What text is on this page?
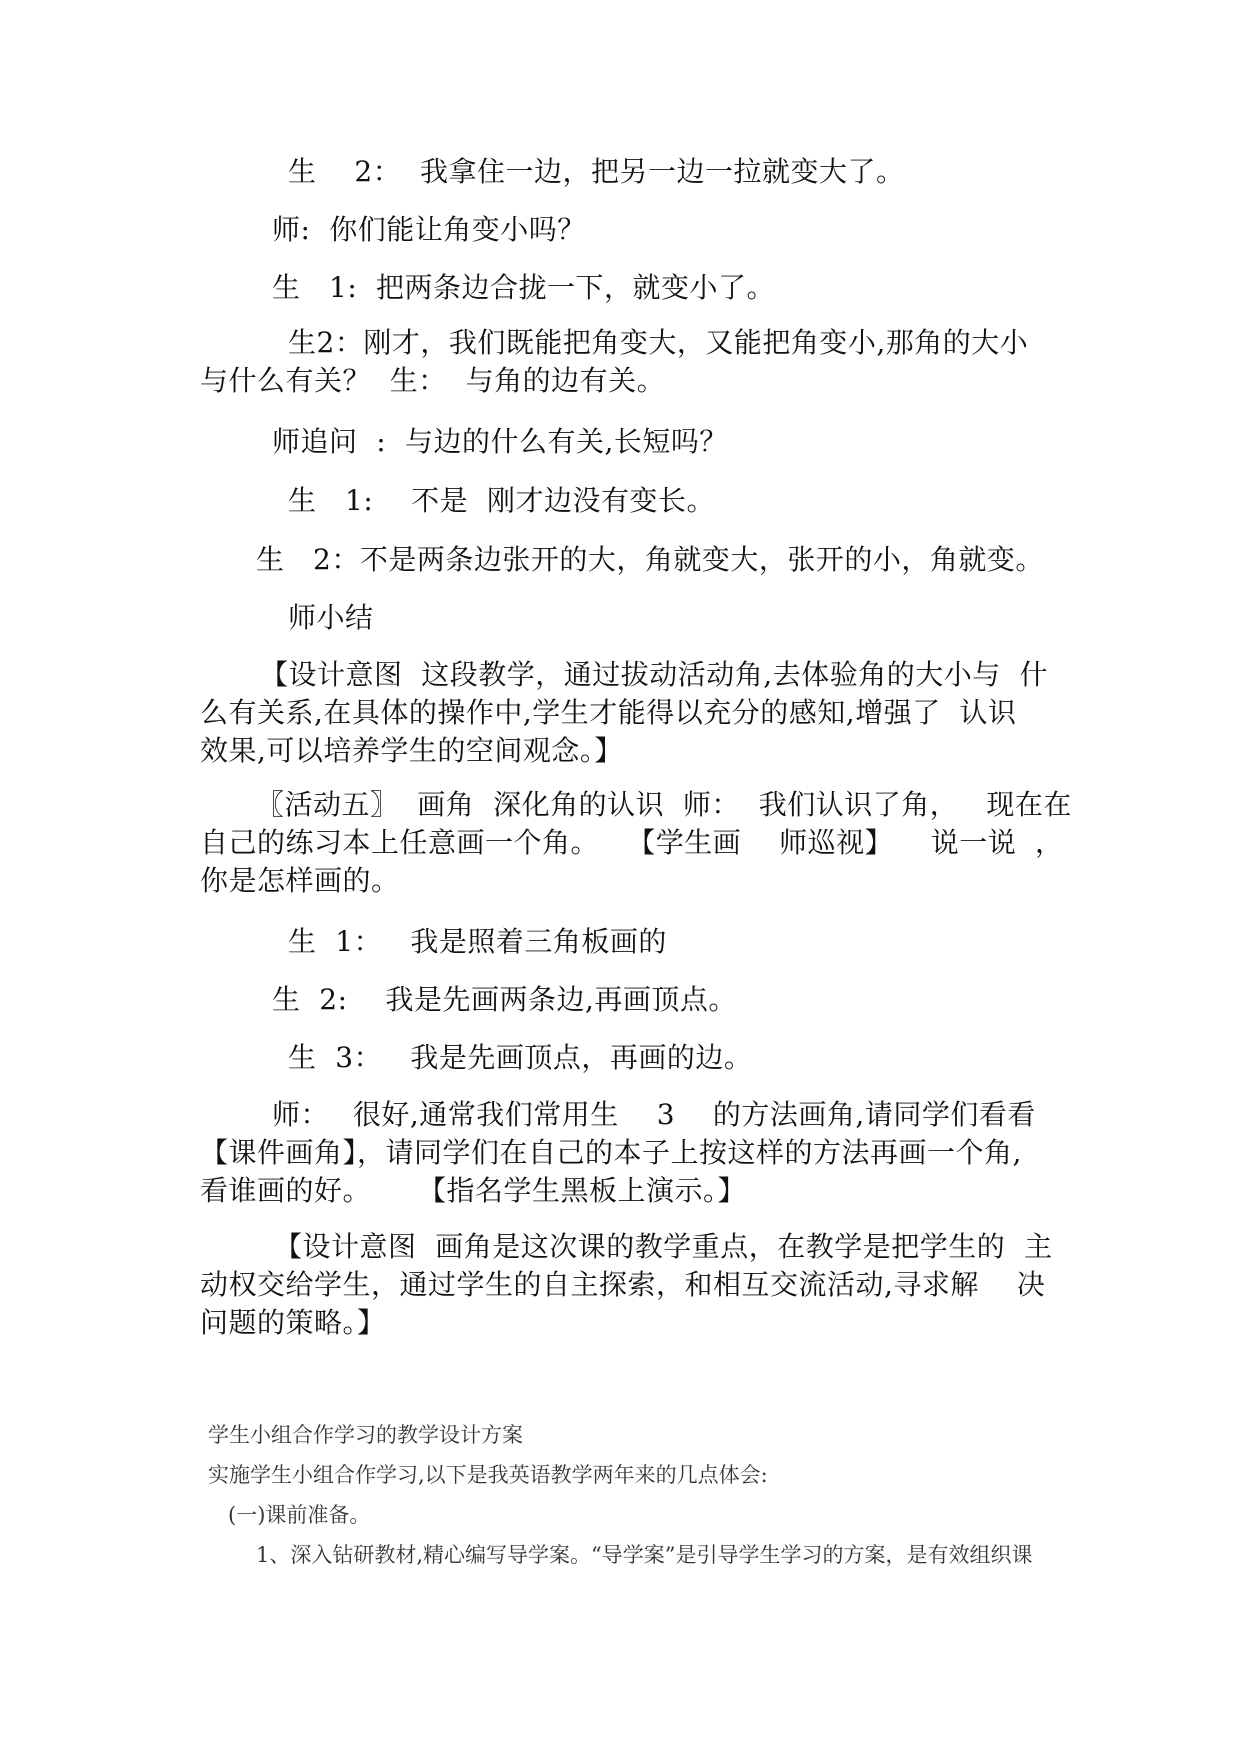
生　 2：  我拿住一边，把另一边一拉就变大了。
师:  你们能让角变小吗？
生　1:  把两条边合拢一下，就变小了。
生2：刚才，我们既能把角变大，又能把角变小,那角的大小
与什么有关？  生：  与角的边有关。
师追问  :  与边的什么有关,长短吗？
生　1:　 不是  刚才边没有变长。
生　2：不是两条边张开的大，角就变大，张开的小，角就变。
师小结
【设计意图  这段教学，通过拔动活动角,去体验角的大小与  什
么有关系,在具体的操作中,学生才能得以充分的感知,增强了  认识
效果,可以培养学生的空间观念。】
〖活动五〗  画角  深化角的认识  师：  我们认识了角，   现在在
自己的练习本上任意画一个角。   【学生画　 师巡视】    说一说  ，
你是怎样画的。
生  1：   我是照着三角板画的
生  2:　 我是先画两条边,再画顶点。
生  3：   我是先画顶点，再画的边。
师：　 很好,通常我们常用生　 3　 的方法画角,请同学们看看
【课件画角】，请同学们在自己的本子上按这样的方法再画一个角,
看谁画的好。     【指名学生黑板上演示。】
【设计意图  画角是这次课的教学重点，在教学是把学生的  主
动权交给学生，通过学生的自主探索，和相互交流活动,寻求解　 决
问题的策略。】
学生小组合作学习的教学设计方案
实施学生小组合作学习,以下是我英语教学两年来的几点体会:
(一)课前准备。
1、深入钻研教材,精心编写导学案。“导学案”是引导学生学习的方案，是有效组织课
